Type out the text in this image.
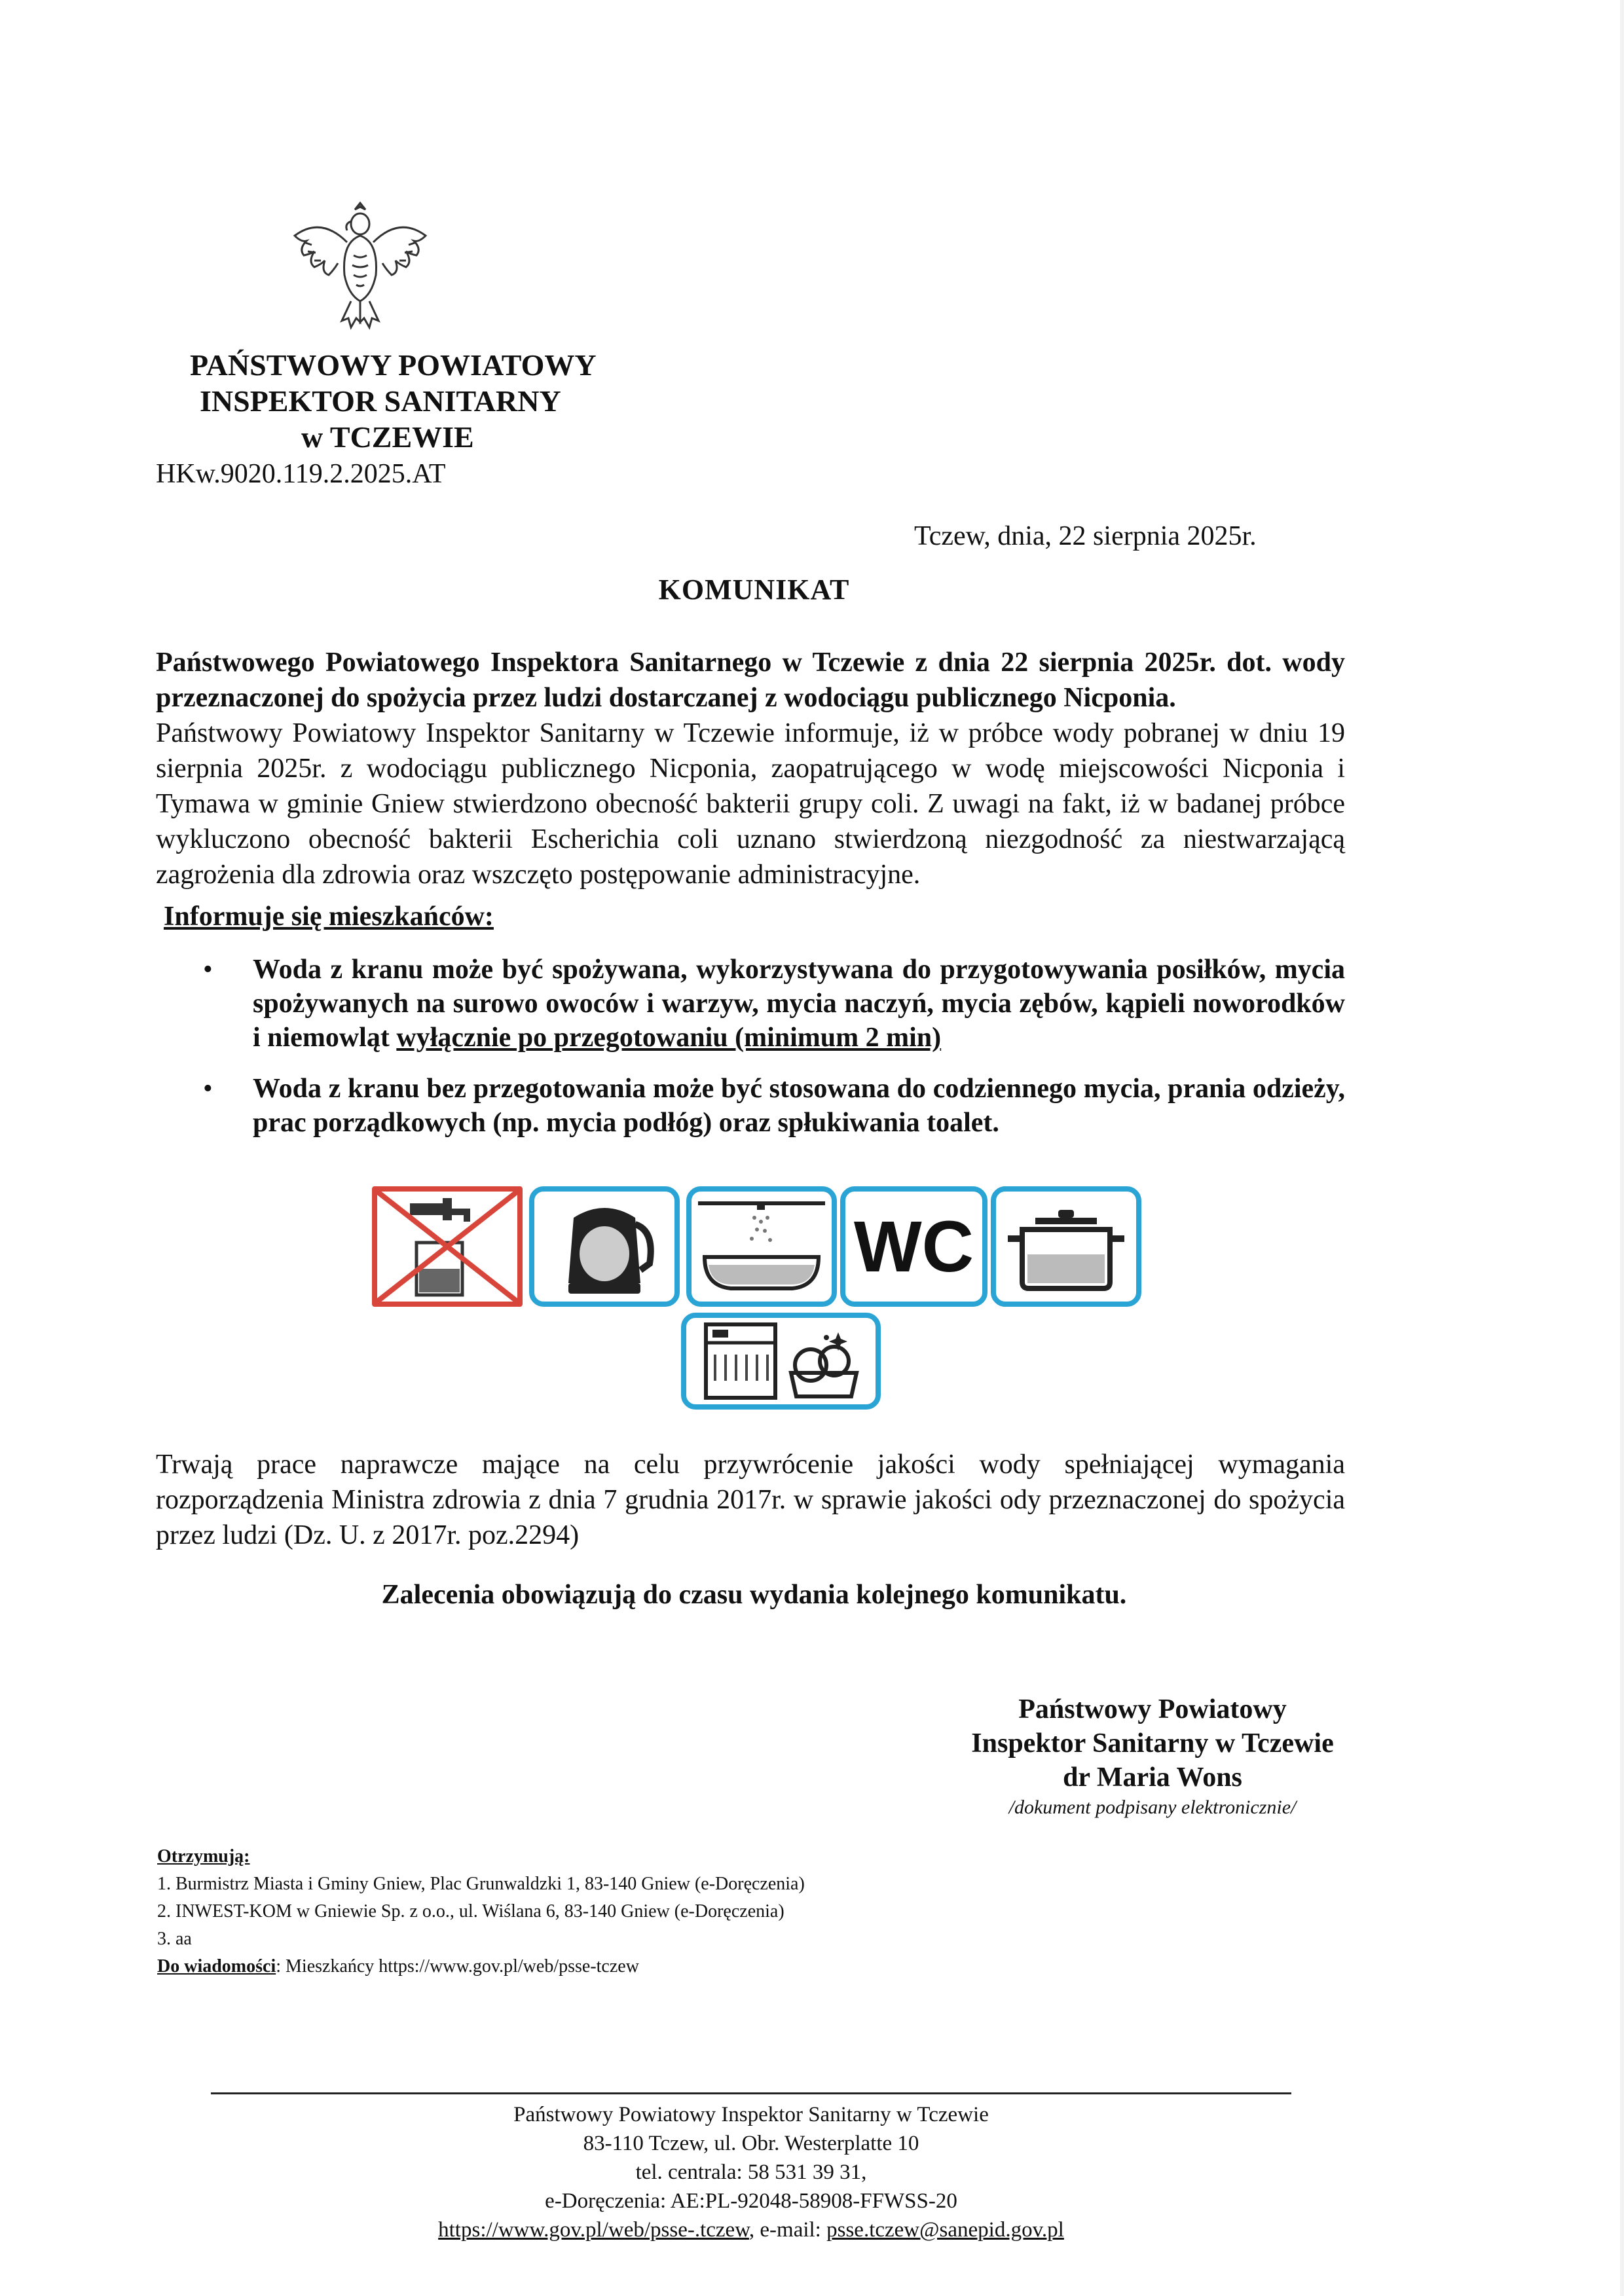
PAŃSTWOWY POWIATOWY
INSPEKTOR SANITARNY
w TCZEWIE
HKw.9020.119.2.2025.AT
Tczew, dnia, 22 sierpnia 2025r.
KOMUNIKAT

Państwowego Powiatowego Inspektora Sanitarnego w Tczewie z dnia 22 sierpnia 2025r. dot. wody przeznaczonej do spożycia przez ludzi dostarczanej z wodociągu publicznego Nicponia.

Państwowy Powiatowy Inspektor Sanitarny w Tczewie informuje, iż w próbce wody pobranej w dniu 19 sierpnia 2025r. z wodociągu publicznego Nicponia, zaopatrującego w wodę miejscowości Nicponia i Tymawa w gminie Gniew stwierdzono obecność bakterii grupy coli. Z uwagi na fakt, iż w badanej próbce wykluczono obecność bakterii Escherichia coli uznano stwierdzoną niezgodność za niestwarzającą zagrożenia dla zdrowia oraz wszczęto postępowanie administracyjne.

Informuje się mieszkańców:
• Woda z kranu może być spożywana, wykorzystywana do przygotowywania posiłków, mycia spożywanych na surowo owoców i warzyw, mycia naczyń, mycia zębów, kąpieli noworodków i niemowląt wyłącznie po przegotowaniu (minimum 2 min)
• Woda z kranu bez przegotowania może być stosowana do codziennego mycia, prania odzieży, prac porządkowych (np. mycia podłóg) oraz spłukiwania toalet.
WC
Trwają prace naprawcze mające na celu przywrócenie jakości wody spełniającej wymagania rozporządzenia Ministra zdrowia z dnia 7 grudnia 2017r. w sprawie jakości ody przeznaczonej do spożycia przez ludzi (Dz. U. z 2017r. poz.2294)
Zalecenia obowiązują do czasu wydania kolejnego komunikatu.
Państwowy Powiatowy
Inspektor Sanitarny w Tczewie
dr Maria Wons
/dokument podpisany elektronicznie/
Otrzymują:
1. Burmistrz Miasta i Gminy Gniew, Plac Grunwaldzki 1, 83-140 Gniew (e-Doręczenia)
2. INWEST-KOM w Gniewie Sp. z o.o., ul. Wiślana 6, 83-140 Gniew (e-Doręczenia)
3. aa
Do wiadomości: Mieszkańcy https://www.gov.pl/web/psse-tczew
Państwowy Powiatowy Inspektor Sanitarny w Tczewie
83-110 Tczew, ul. Obr. Westerplatte 10
tel. centrala: 58 531 39 31,
e-Doręczenia: AE:PL-92048-58908-FFWSS-20
https://www.gov.pl/web/psse-.tczew, e-mail: psse.tczew@sanepid.gov.pl
